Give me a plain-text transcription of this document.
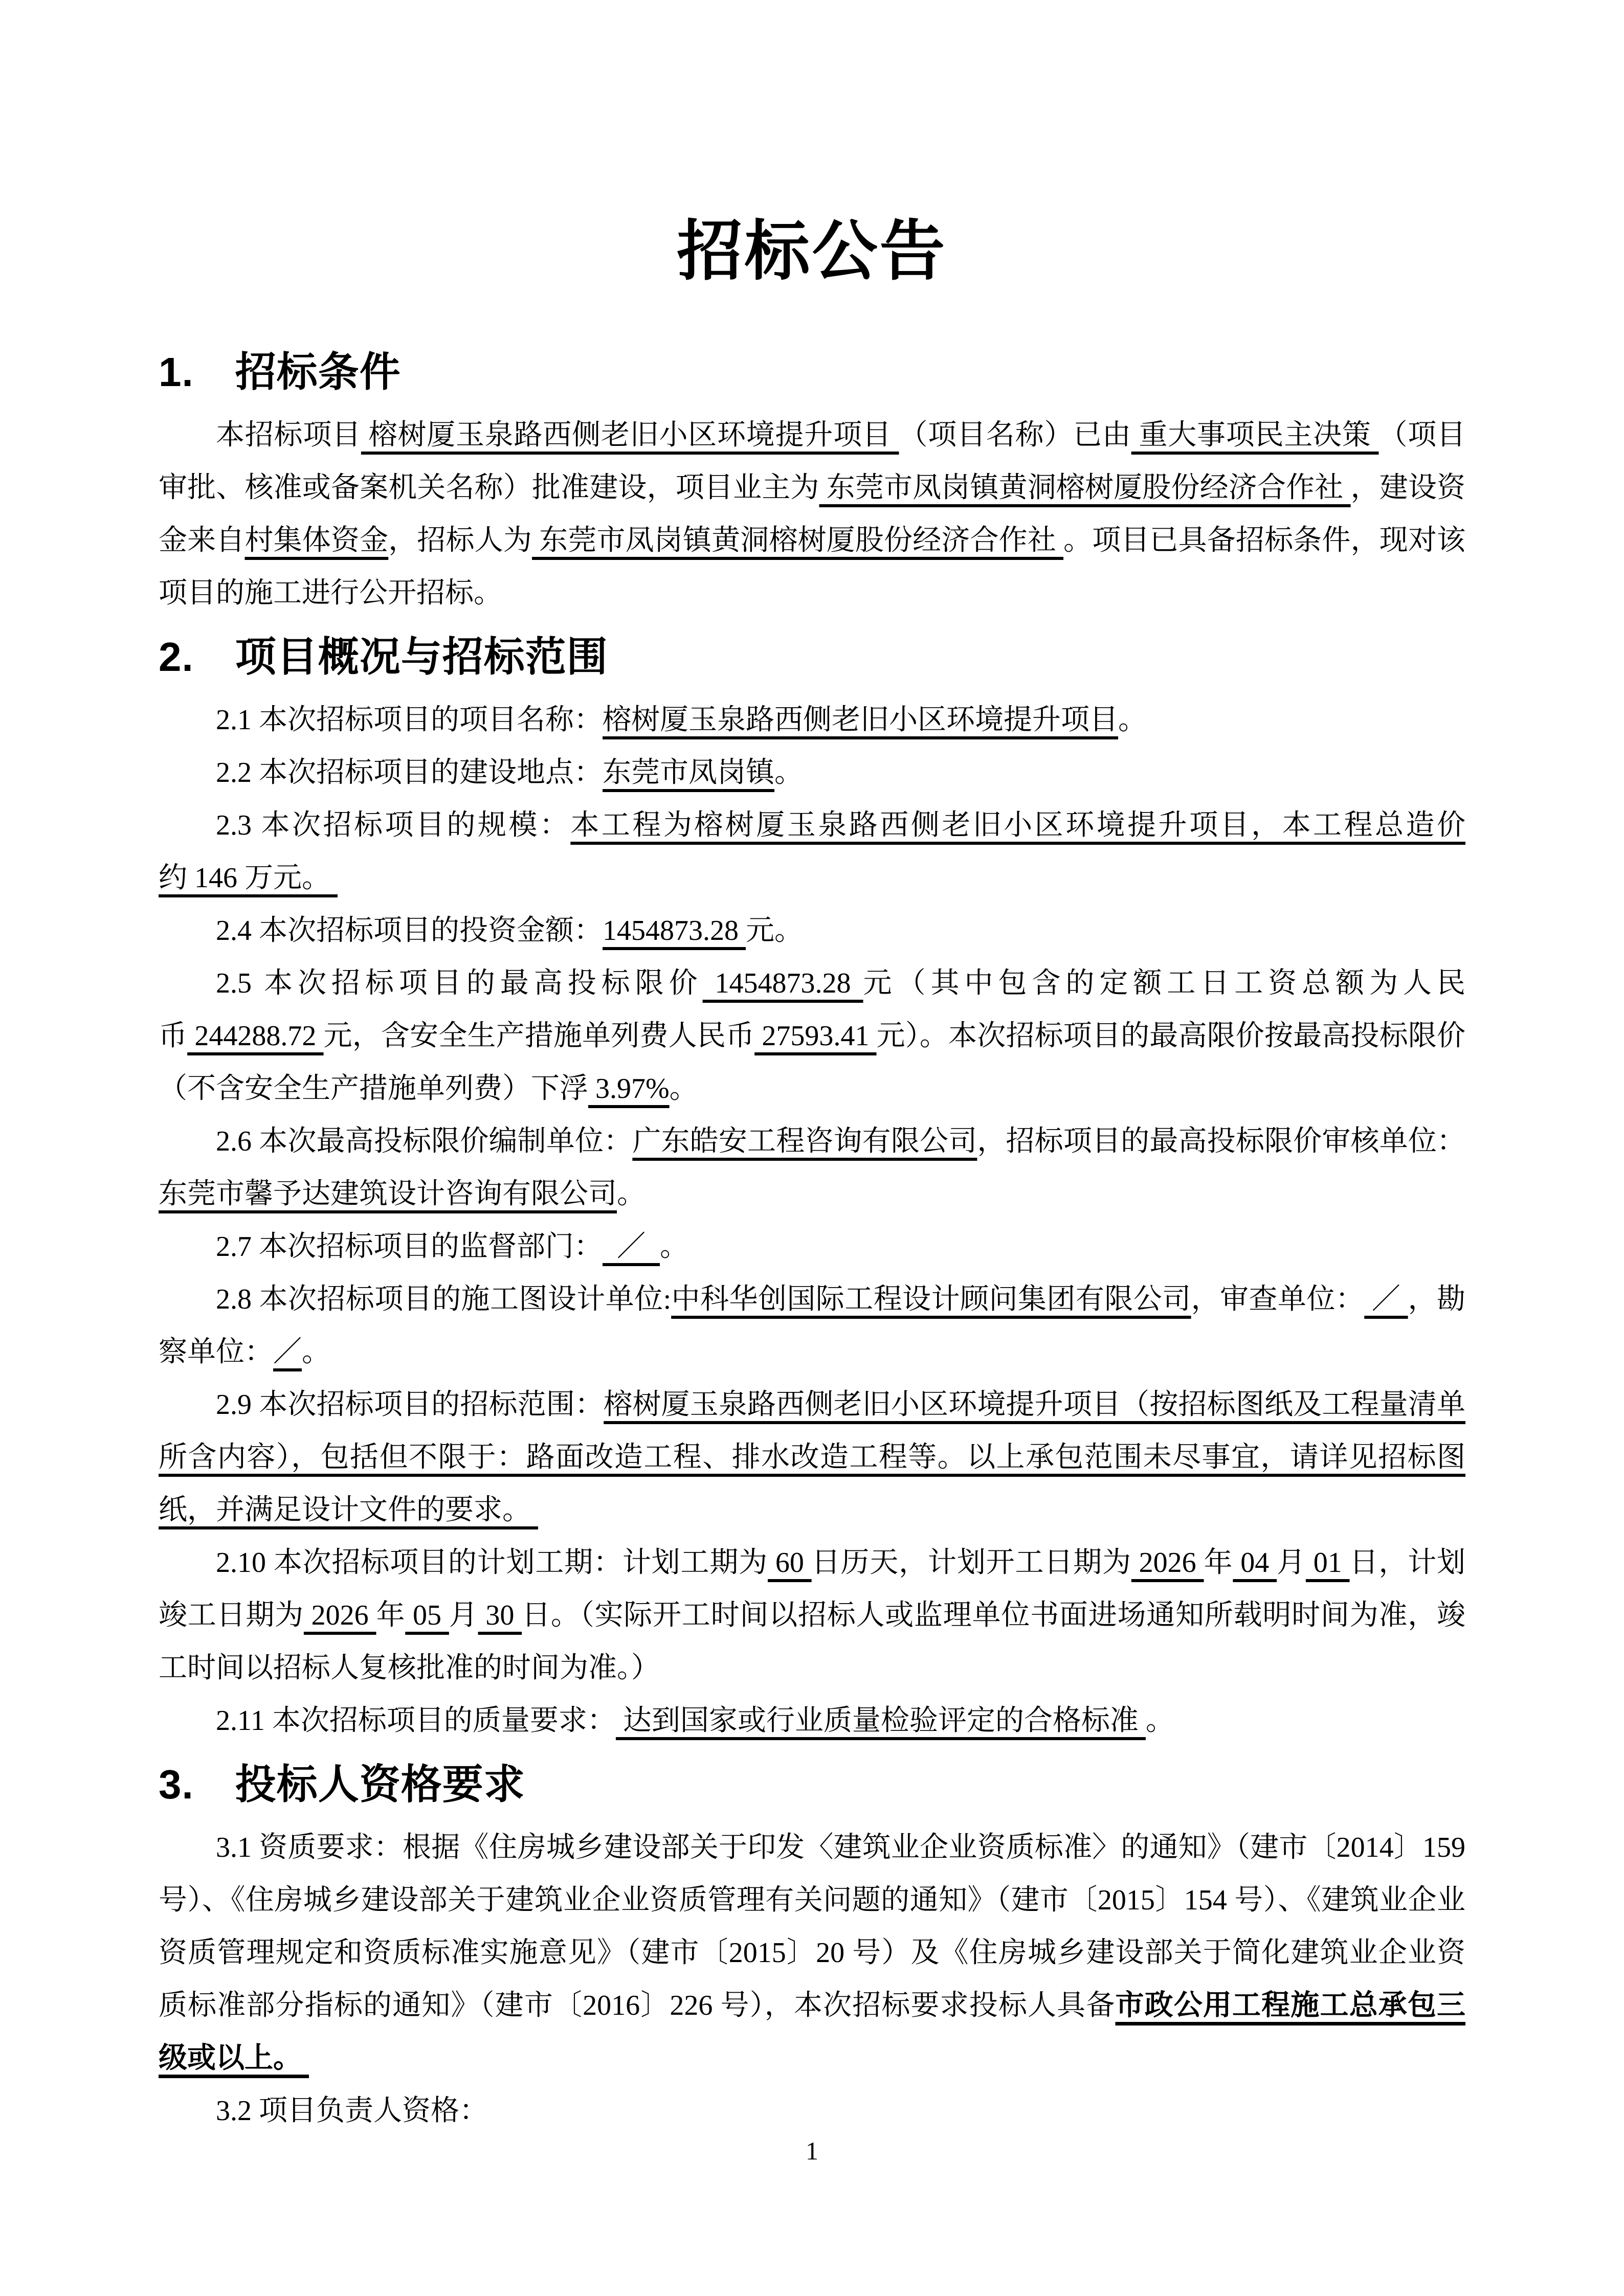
招标公告
1. 招标条件

本招标项目 榕树厦玉泉路西侧老旧小区环境提升项目 （项目名称）已由 重大事项民主决策 （项目审批、核准或备案机关名称）批准建设，项目业主为 东莞市凤岗镇黄洞榕树厦股份经济合作社 ，建设资金来自村集体资金，招标人为 东莞市凤岗镇黄洞榕树厦股份经济合作社 。项目已具备招标条件，现对该项目的施工进行公开招标。

2. 项目概况与招标范围

2.1 本次招标项目的项目名称：榕树厦玉泉路西侧老旧小区环境提升项目。

2.2 本次招标项目的建设地点：东莞市凤岗镇。

2.3 本次招标项目的规模：本工程为榕树厦玉泉路西侧老旧小区环境提升项目，本工程总造价约 146 万元。

2.4 本次招标项目的投资金额：1454873.28 元。

2.5 本次招标项目的最高投标限价 1454873.28 元（其中包含的定额工日工资总额为人民币 244288.72 元，含安全生产措施单列费人民币 27593.41 元）。本次招标项目的最高限价按最高投标限价（不含安全生产措施单列费）下浮 3.97%。

2.6 本次最高投标限价编制单位：广东皓安工程咨询有限公司，招标项目的最高投标限价审核单位：东莞市馨予达建筑设计咨询有限公司。

2.7 本次招标项目的监督部门：  ／  。

2.8 本次招标项目的施工图设计单位:中科华创国际工程设计顾问集团有限公司，审查单位： ／ ，勘察单位：／。

2.9 本次招标项目的招标范围：榕树厦玉泉路西侧老旧小区环境提升项目（按招标图纸及工程量清单所含内容），包括但不限于：路面改造工程、排水改造工程等。以上承包范围未尽事宜，请详见招标图纸，并满足设计文件的要求。

2.10 本次招标项目的计划工期：计划工期为 60 日历天，计划开工日期为 2026 年 04 月 01 日，计划竣工日期为 2026 年 05 月 30 日。（实际开工时间以招标人或监理单位书面进场通知所载明时间为准，竣工时间以招标人复核批准的时间为准。）

2.11 本次招标项目的质量要求： 达到国家或行业质量检验评定的合格标准 。

3. 投标人资格要求

3.1 资质要求：根据《住房城乡建设部关于印发〈建筑业企业资质标准〉的通知》（建市〔2014〕159号）、《住房城乡建设部关于建筑业企业资质管理有关问题的通知》（建市〔2015〕154 号）、《建筑业企业资质管理规定和资质标准实施意见》（建市〔2015〕20 号）及《住房城乡建设部关于简化建筑业企业资质标准部分指标的通知》（建市〔2016〕226 号），本次招标要求投标人具备市政公用工程施工总承包三级或以上。

3.2 项目负责人资格：

1
